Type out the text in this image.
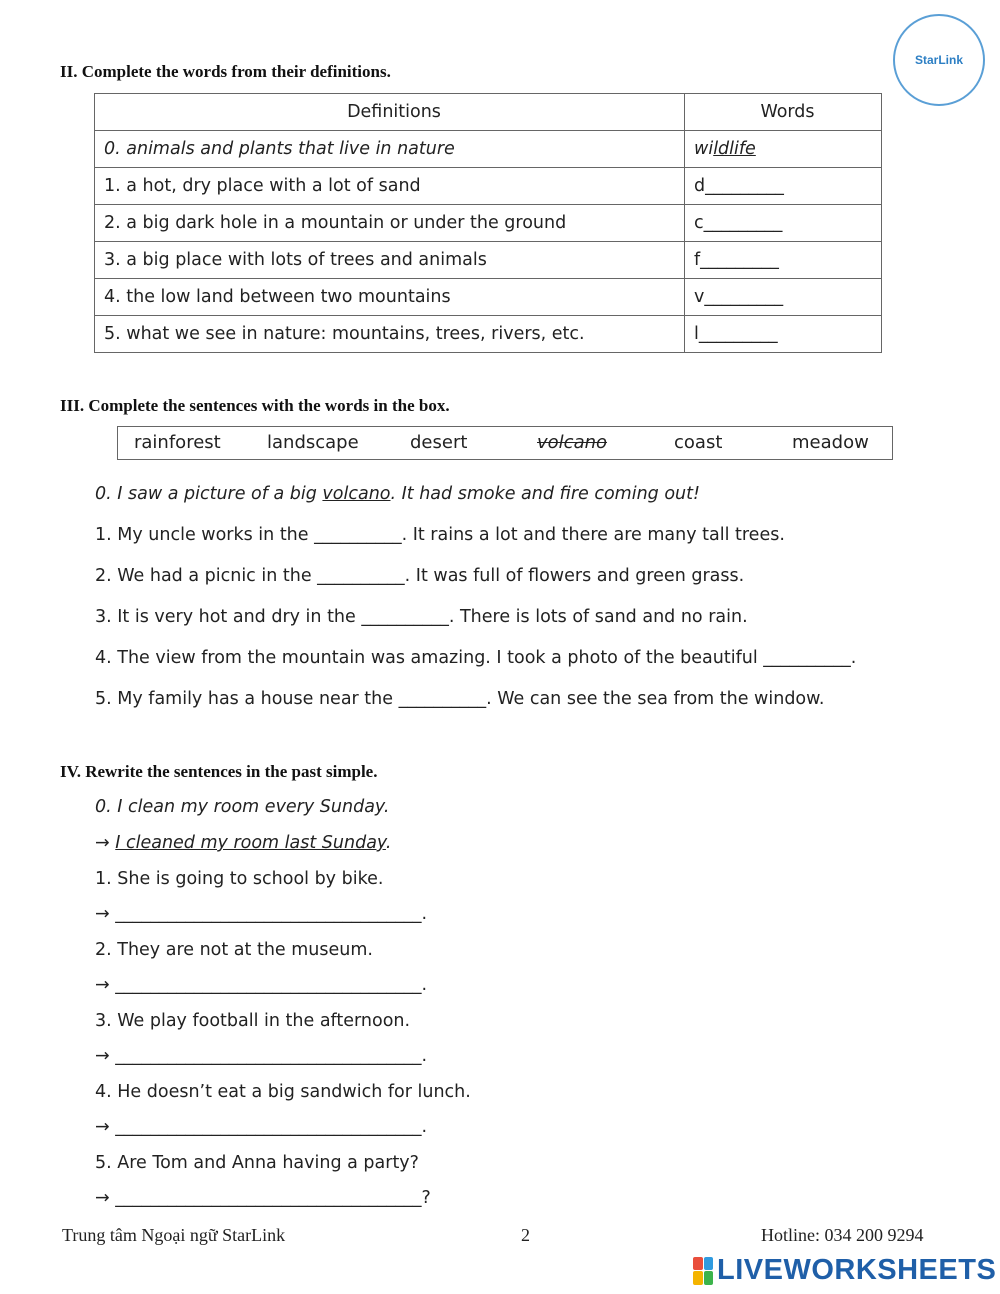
StarLink
II. Complete the words from their definitions.
Definitions	Words
0. animals and plants that live in nature	wildlife
1. a hot, dry place with a lot of sand	d_________
2. a big dark hole in a mountain or under the ground	c_________
3. a big place with lots of trees and animals	f_________
4. the low land between two mountains	v_________
5. what we see in nature: mountains, trees, rivers, etc.	l_________
III. Complete the sentences with the words in the box.
rainforest	landscape	desert	volcano	coast	meadow
0. I saw a picture of a big volcano. It had smoke and fire coming out!
1. My uncle works in the __________. It rains a lot and there are many tall trees.
2. We had a picnic in the __________. It was full of flowers and green grass.
3. It is very hot and dry in the __________. There is lots of sand and no rain.
4. The view from the mountain was amazing. I took a photo of the beautiful __________.
5. My family has a house near the __________. We can see the sea from the window.
IV. Rewrite the sentences in the past simple.
0. I clean my room every Sunday.
→ I cleaned my room last Sunday.
1. She is going to school by bike.
→ ___________________________________.
2. They are not at the museum.
→ ___________________________________.
3. We play football in the afternoon.
→ ___________________________________.
4. He doesn’t eat a big sandwich for lunch.
→ ___________________________________.
5. Are Tom and Anna having a party?
→ ___________________________________?
Trung tâm Ngoại ngữ StarLink	2	Hotline: 034 200 9294
LIVEWORKSHEETS
